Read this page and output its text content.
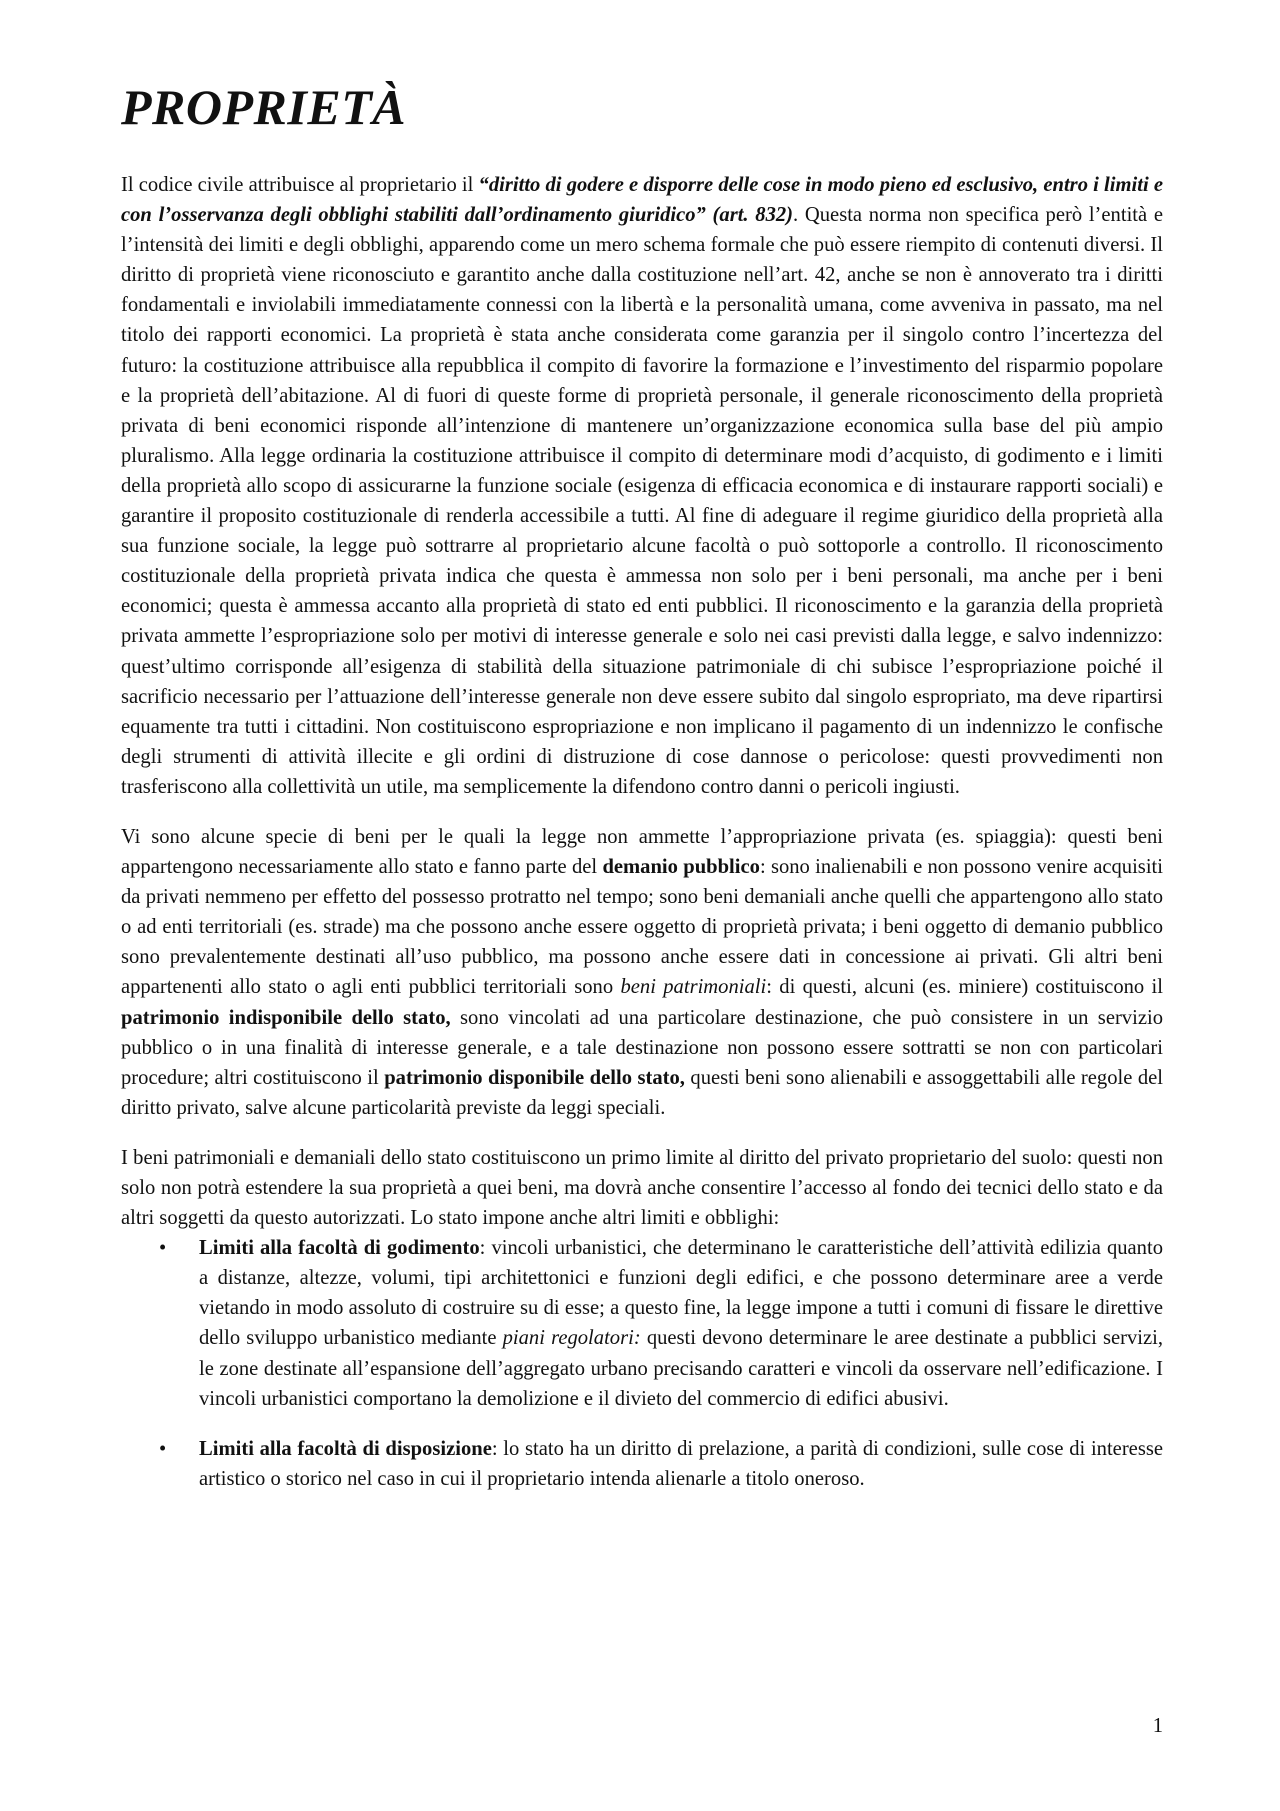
PROPRIETÀ

Il codice civile attribuisce al proprietario il “diritto di godere e disporre delle cose in modo pieno ed esclusivo, entro i limiti e con l’osservanza degli obblighi stabiliti dall’ordinamento giuridico” (art. 832). Questa norma non specifica però l’entità e l’intensità dei limiti e degli obblighi, apparendo come un mero schema formale che può essere riempito di contenuti diversi. Il diritto di proprietà viene riconosciuto e garantito anche dalla costituzione nell’art. 42, anche se non è annoverato tra i diritti fondamentali e inviolabili immediatamente connessi con la libertà e la personalità umana, come avveniva in passato, ma nel titolo dei rapporti economici. La proprietà è stata anche considerata come garanzia per il singolo contro l’incertezza del futuro: la costituzione attribuisce alla repubblica il compito di favorire la formazione e l’investimento del risparmio popolare e la proprietà dell’abitazione. Al di fuori di queste forme di proprietà personale, il generale riconoscimento della proprietà privata di beni economici risponde all’intenzione di mantenere un’organizzazione economica sulla base del più ampio pluralismo. Alla legge ordinaria la costituzione attribuisce il compito di determinare modi d’acquisto, di godimento e i limiti della proprietà allo scopo di assicurarne la funzione sociale (esigenza di efficacia economica e di instaurare rapporti sociali) e garantire il proposito costituzionale di renderla accessibile a tutti. Al fine di adeguare il regime giuridico della proprietà alla sua funzione sociale, la legge può sottrarre al proprietario alcune facoltà o può sottoporle a controllo. Il riconoscimento costituzionale della proprietà privata indica che questa è ammessa non solo per i beni personali, ma anche per i beni economici; questa è ammessa accanto alla proprietà di stato ed enti pubblici. Il riconoscimento e la garanzia della proprietà privata ammette l’espropriazione solo per motivi di interesse generale e solo nei casi previsti dalla legge, e salvo indennizzo: quest’ultimo corrisponde all’esigenza di stabilità della situazione patrimoniale di chi subisce l’espropriazione poiché il sacrificio necessario per l’attuazione dell’interesse generale non deve essere subito dal singolo espropriato, ma deve ripartirsi equamente tra tutti i cittadini. Non costituiscono espropriazione e non implicano il pagamento di un indennizzo le confische degli strumenti di attività illecite e gli ordini di distruzione di cose dannose o pericolose: questi provvedimenti non trasferiscono alla collettività un utile, ma semplicemente la difendono contro danni o pericoli ingiusti.

Vi sono alcune specie di beni per le quali la legge non ammette l’appropriazione privata (es. spiaggia): questi beni appartengono necessariamente allo stato e fanno parte del demanio pubblico: sono inalienabili e non possono venire acquisiti da privati nemmeno per effetto del possesso protratto nel tempo; sono beni demaniali anche quelli che appartengono allo stato o ad enti territoriali (es. strade) ma che possono anche essere oggetto di proprietà privata; i beni oggetto di demanio pubblico sono prevalentemente destinati all’uso pubblico, ma possono anche essere dati in concessione ai privati. Gli altri beni appartenenti allo stato o agli enti pubblici territoriali sono beni patrimoniali: di questi, alcuni (es. miniere) costituiscono il patrimonio indisponibile dello stato, sono vincolati ad una particolare destinazione, che può consistere in un servizio pubblico o in una finalità di interesse generale, e a tale destinazione non possono essere sottratti se non con particolari procedure; altri costituiscono il patrimonio disponibile dello stato, questi beni sono alienabili e assoggettabili alle regole del diritto privato, salve alcune particolarità previste da leggi speciali.

I beni patrimoniali e demaniali dello stato costituiscono un primo limite al diritto del privato proprietario del suolo: questi non solo non potrà estendere la sua proprietà a quei beni, ma dovrà anche consentire l’accesso al fondo dei tecnici dello stato e da altri soggetti da questo autorizzati. Lo stato impone anche altri limiti e obblighi:

• Limiti alla facoltà di godimento: vincoli urbanistici, che determinano le caratteristiche dell’attività edilizia quanto a distanze, altezze, volumi, tipi architettonici e funzioni degli edifici, e che possono determinare aree a verde vietando in modo assoluto di costruire su di esse; a questo fine, la legge impone a tutti i comuni di fissare le direttive dello sviluppo urbanistico mediante piani regolatori: questi devono determinare le aree destinate a pubblici servizi, le zone destinate all’espansione dell’aggregato urbano precisando caratteri e vincoli da osservare nell’edificazione. I vincoli urbanistici comportano la demolizione e il divieto del commercio di edifici abusivi.
• Limiti alla facoltà di disposizione: lo stato ha un diritto di prelazione, a parità di condizioni, sulle cose di interesse artistico o storico nel caso in cui il proprietario intenda alienarle a titolo oneroso.
1
